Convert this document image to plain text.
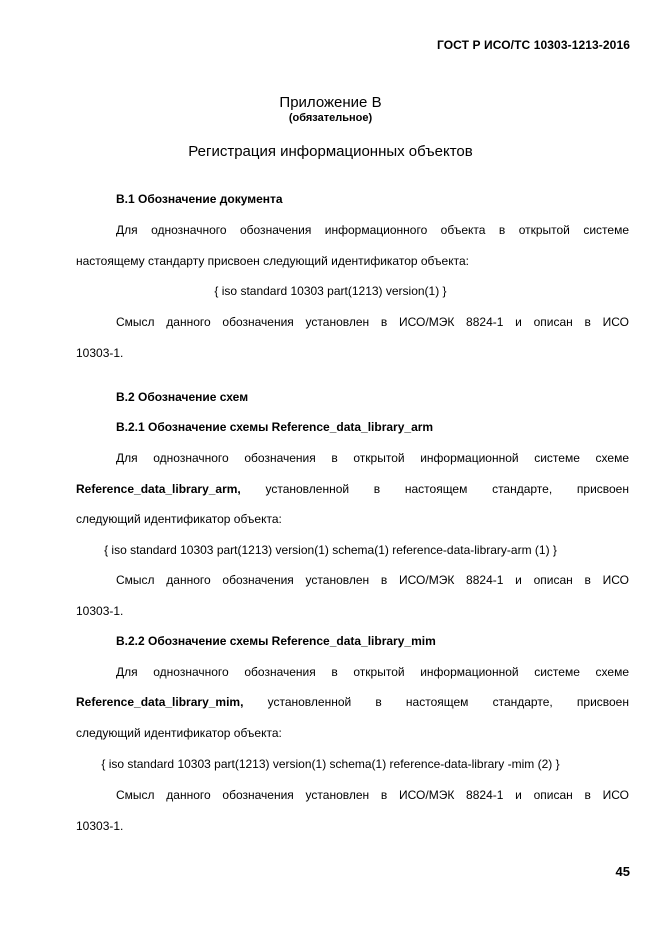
ГОСТ Р ИСО/ТС 10303-1213-2016
Приложение В
(обязательное)
Регистрация информационных объектов
В.1 Обозначение документа
Для однозначного обозначения информационного объекта в открытой системе
настоящему стандарту присвоен следующий идентификатор объекта:
{ iso standard 10303 part(1213) version(1) }
Смысл данного обозначения установлен в ИСО/МЭК 8824-1 и описан в ИСО
10303-1.
В.2 Обозначение схем
В.2.1 Обозначение схемы Reference_data_library_arm
Для однозначного обозначения в открытой информационной системе схеме
Reference_data_library_arm, установленной в настоящем стандарте, присвоен
следующий идентификатор объекта:
{ iso standard 10303 part(1213) version(1) schema(1) reference-data-library-arm (1) }
Смысл данного обозначения установлен в ИСО/МЭК 8824-1 и описан в ИСО
10303-1.
В.2.2 Обозначение схемы Reference_data_library_mim
Для однозначного обозначения в открытой информационной системе схеме
Reference_data_library_mim, установленной в настоящем стандарте, присвоен
следующий идентификатор объекта:
{ iso standard 10303 part(1213) version(1) schema(1) reference-data-library -mim (2) }
Смысл данного обозначения установлен в ИСО/МЭК 8824-1 и описан в ИСО
10303-1.
45
